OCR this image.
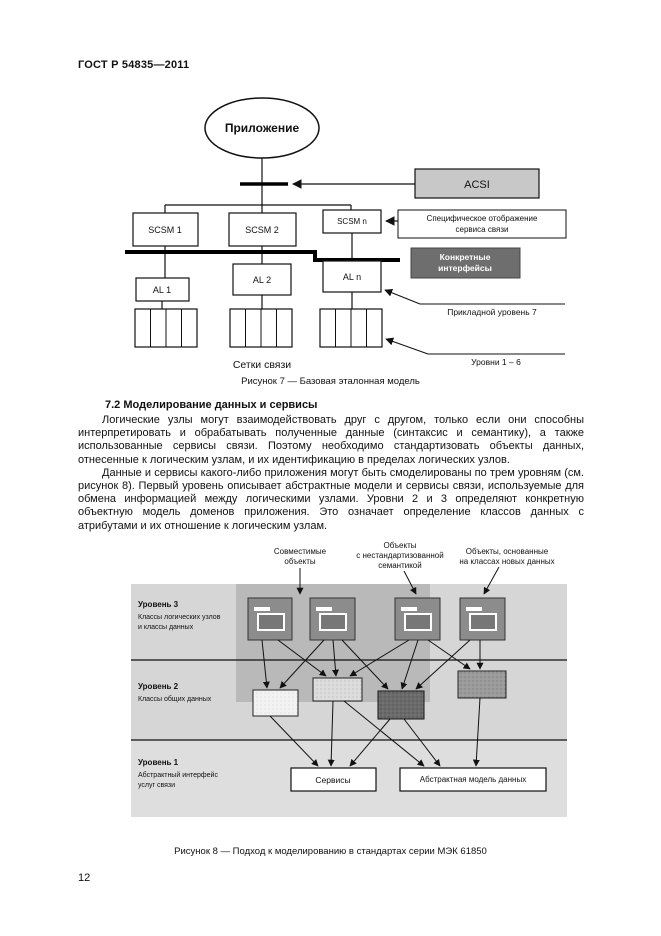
ГОСТ Р 54835—2011
Приложение
ACSI
SCSM 1	SCSM 2
SCSM n	Специфическое отображение
сервиса связи
Конкретные
интерфейсы
AL 1
AL 2	AL n
Прикладной уровень 7
Уровни 1 – 6
Сетки связи
Рисунок 7 — Базовая эталонная модель
7.2 Моделирование данных и сервисы

Логические узлы могут взаимодействовать друг с другом, только если они способны интерпретировать и обрабатывать полученные данные (синтаксис и семантику), а также использованные сервисы связи. Поэтому необходимо стандартизовать объекты данных, отнесенные к логическим узлам, и их идентификацию в пределах логических узлов.

Данные и сервисы какого-либо приложения могут быть смоделированы по трем уровням (см. рисунок 8). Первый уровень описывает абстрактные модели и сервисы связи, используемые для обмена информацией между логическими узлами. Уровни 2 и 3 определяют конкретную объектную модель доменов приложения. Это означает определение классов данных с атрибутами и их отношение к логическим узлам.

Совместимые
объекты
Объекты
с нестандартизованной
семантикой
Объекты, основанные
на классах новых данных
Уровень 3
Классы логических узлов
и классы данных
Уровень 2
Классы общих данных
Уровень 1
Абстрактный интерфейс
услуг связи
Сервисы	Абстрактная модель данных
Рисунок 8 — Подход к моделированию в стандартах серии МЭК 61850
12
